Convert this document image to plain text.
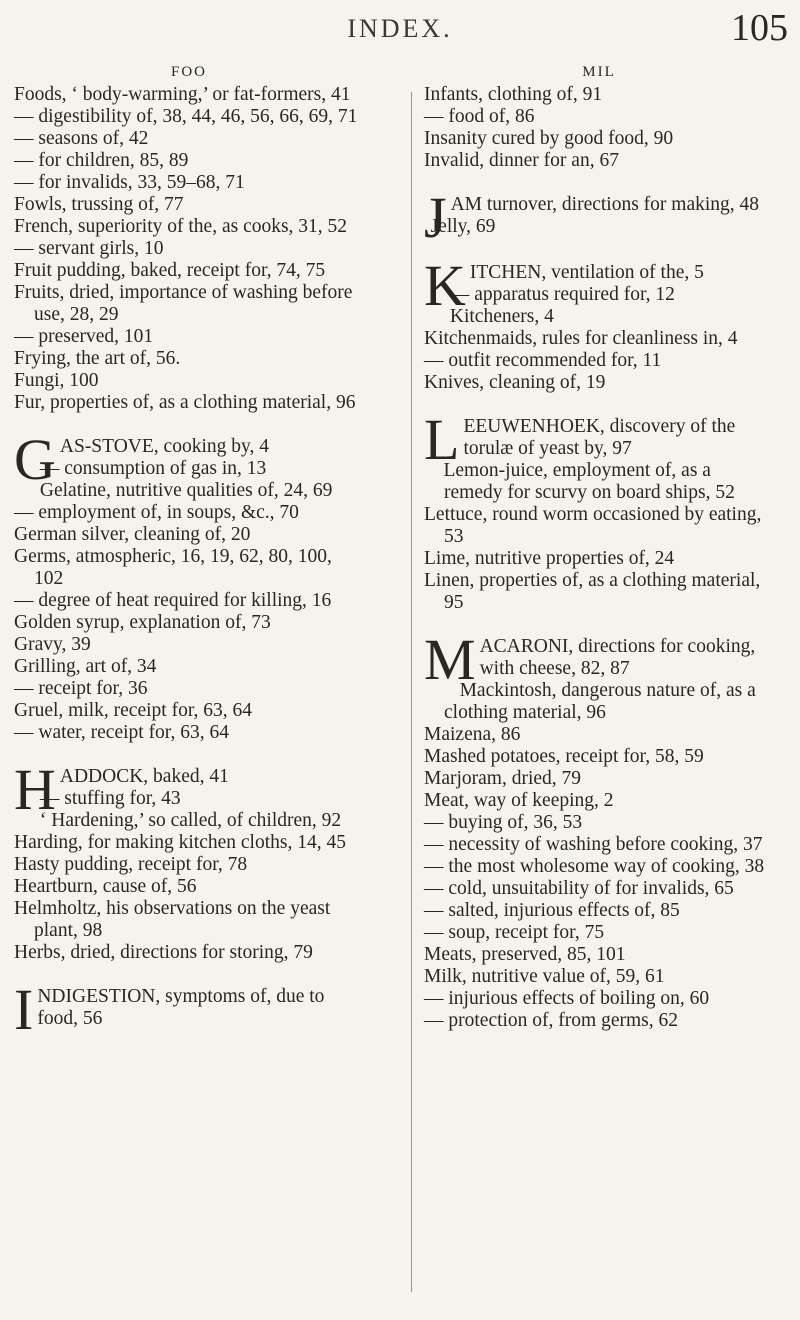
INDEX.	105
FOO
Foods, ‘ body-warming,’ or fat-formers, 41
— digestibility of, 38, 44, 46, 56, 66, 69, 71
— seasons of, 42
— for children, 85, 89
— for invalids, 33, 59–68, 71
Fowls, trussing of, 77
French, superiority of the, as cooks, 31, 52
— servant girls, 10
Fruit pudding, baked, receipt for, 74, 75
Fruits, dried, importance of washing before use, 28, 29
— preserved, 101
Frying, the art of, 56.
Fungi, 100
Fur, properties of, as a clothing material, 96
GAS-STOVE, cooking by, 4
— consumption of gas in, 13
Gelatine, nutritive qualities of, 24, 69
— employment of, in soups, &c., 70
German silver, cleaning of, 20
Germs, atmospheric, 16, 19, 62, 80, 100, 102
— degree of heat required for killing, 16
Golden syrup, explanation of, 73
Gravy, 39
Grilling, art of, 34
— receipt for, 36
Gruel, milk, receipt for, 63, 64
— water, receipt for, 63, 64
HADDOCK, baked, 41
— stuffing for, 43
‘ Hardening,’ so called, of children, 92
Harding, for making kitchen cloths, 14, 45
Hasty pudding, receipt for, 78
Heartburn, cause of, 56
Helmholtz, his observations on the yeast plant, 98
Herbs, dried, directions for storing, 79
INDIGESTION, symptoms of, due to food, 56
MIL
Infants, clothing of, 91
— food of, 86
Insanity cured by good food, 90
Invalid, dinner for an, 67
JAM turnover, directions for making, 48
Jelly, 69
KITCHEN, ventilation of the, 5
— apparatus required for, 12
Kitcheners, 4
Kitchenmaids, rules for cleanliness in, 4
— outfit recommended for, 11
Knives, cleaning of, 19
LEEUWENHOEK, discovery of the torulæ of yeast by, 97
Lemon-juice, employment of, as a remedy for scurvy on board ships, 52
Lettuce, round worm occasioned by eating, 53
Lime, nutritive properties of, 24
Linen, properties of, as a clothing material, 95
MACARONI, directions for cooking, with cheese, 82, 87
Mackintosh, dangerous nature of, as a clothing material, 96
Maizena, 86
Mashed potatoes, receipt for, 58, 59
Marjoram, dried, 79
Meat, way of keeping, 2
— buying of, 36, 53
— necessity of washing before cooking, 37
— the most wholesome way of cooking, 38
— cold, unsuitability of for invalids, 65
— salted, injurious effects of, 85
— soup, receipt for, 75
Meats, preserved, 85, 101
Milk, nutritive value of, 59, 61
— injurious effects of boiling on, 60
— protection of, from germs, 62
